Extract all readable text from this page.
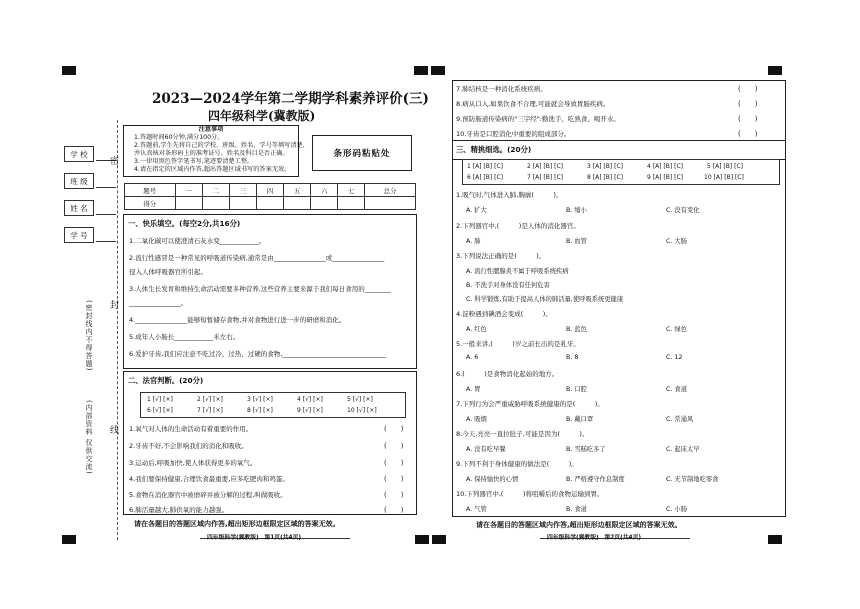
学 校
班 级
姓 名
学 号
密
封
线
(密封线内不得答题)
(内部资料 仅供交流)
2023—2024学年第二学期学科素养评价(三)
四年级科学(冀教版)
注意事项
1.答题时间60分钟,满分100分。
2.答题前,学生先将自己的学校、班级、姓名、学号等填写清楚,
并认真核对条形码上的准考证号、姓名及科目是否正确。
3.一律用黑色签字笔书写,笔迹要清楚工整。
4.请在指定的区域内作答,超出答题区域书写的答案无效。
条形码粘贴处
题号	一	二	三	四	五	六	七	总分
得分								
一、快乐填空。(每空2分,共16分)
1.二氧化碳可以使澄清石灰水变____________。
2.流行性感冒是一种常见的呼吸道传染病,通常是由________________或________________
侵入人体呼吸器官所引起。
3.人体生长发育和维持生命活动需要多种营养,这些营养主要来源于我们每日食用的________
________________。
4.________________能够短暂储存食物,并对食物进行进一步的研磨和消化。
5.成年人小肠长____________米左右。
6.爱护牙齿,我们应注意不吃过冷、过热、过硬的食物,________________________________
二、法官判断。(20分)
1 [√] [×]	2 [√] [×]	3 [√] [×]	4 [√] [×]	5 [√] [×]
6 [√] [×]	7 [√] [×]	8 [√] [×]	9 [√] [×]	10 [√] [×]
1.氧气对人体的生命活动有着重要的作用。	(　　)
2.牙齿不好,不会影响我们的消化和吸收。	(　　)
3.运动后,呼吸加快,使人体获得更多的氧气。	(　　)
4.我们要保持健康,合理饮食最重要,应多吃肥肉和鸡蛋。	(　　)
5.食物在消化器官中被磨碎并被分解的过程,叫做吸收。	(　　)
6.肺活量越大,肺供氧的能力越强。	(　　)
请在各题目的答题区域内作答,超出矩形边框限定区域的答案无效。
四年级科学(冀教版)　第1页(共4页)
7.肺结核是一种消化系统疾病。	(　　)
8.病从口入,如果饮食不合理,可能就会导致胃肠疾病。	(　　)
9.预防肠道传染病的"三字经":勤洗手、吃熟食、喝开水。	(　　)
10.牙齿是口腔消化中重要的组成部分。	(　　)
三、精挑细选。(20分)
1 [A] [B] [C]	2 [A] [B] [C]	3 [A] [B] [C]	4 [A] [B] [C]	5 [A] [B] [C]
6 [A] [B] [C]	7 [A] [B] [C]	8 [A] [B] [C]	9 [A] [B] [C]	10 [A] [B] [C]
1.吸气时,气体进入肺,胸廓(　　　)。
A. 扩大	B. 缩小	C. 没有变化
2.下列器官中,(　　　)是人体的消化器官。
A. 肺	B. 血管	C. 大肠
3.下列说法正确的是(　　　)。
A. 流行性腮腺炎不属于呼吸系统疾病
B. 不洗手对身体没有任何危害
C. 科学锻炼,有助于提高人体的肺活量,使呼吸系统更健康
4.淀粉遇到碘酒会变成(　　　)。
A. 红色	B. 蓝色	C. 绿色
5.一般来讲,(　　　)岁之前长出的是乳牙。
A. 6	B. 8	C. 12
6.(　　　)是食物消化起始的地方。
A. 胃	B. 口腔	C. 食道
7.下列行为会严重威胁呼吸系统健康的是(　　　)。
A. 吸烟	B. 戴口罩	C. 常通风
8.今天,亮亮一直拉肚子,可能是因为(　　　)。
A. 没有吃早餐	B. 雪糕吃多了	C. 起床太早
9.下列不利于身体健康的做法是(　　　)。
A. 保持愉快的心情	B. 严格遵守作息制度	C. 无节制地吃零食
10.下列器官中,(　　　)将咀嚼后的食物运输到胃。
A. 气管	B. 食道	C. 小肠
请在各题目的答题区域内作答,超出矩形边框限定区域的答案无效。
四年级科学(冀教版)　第2页(共4页)
